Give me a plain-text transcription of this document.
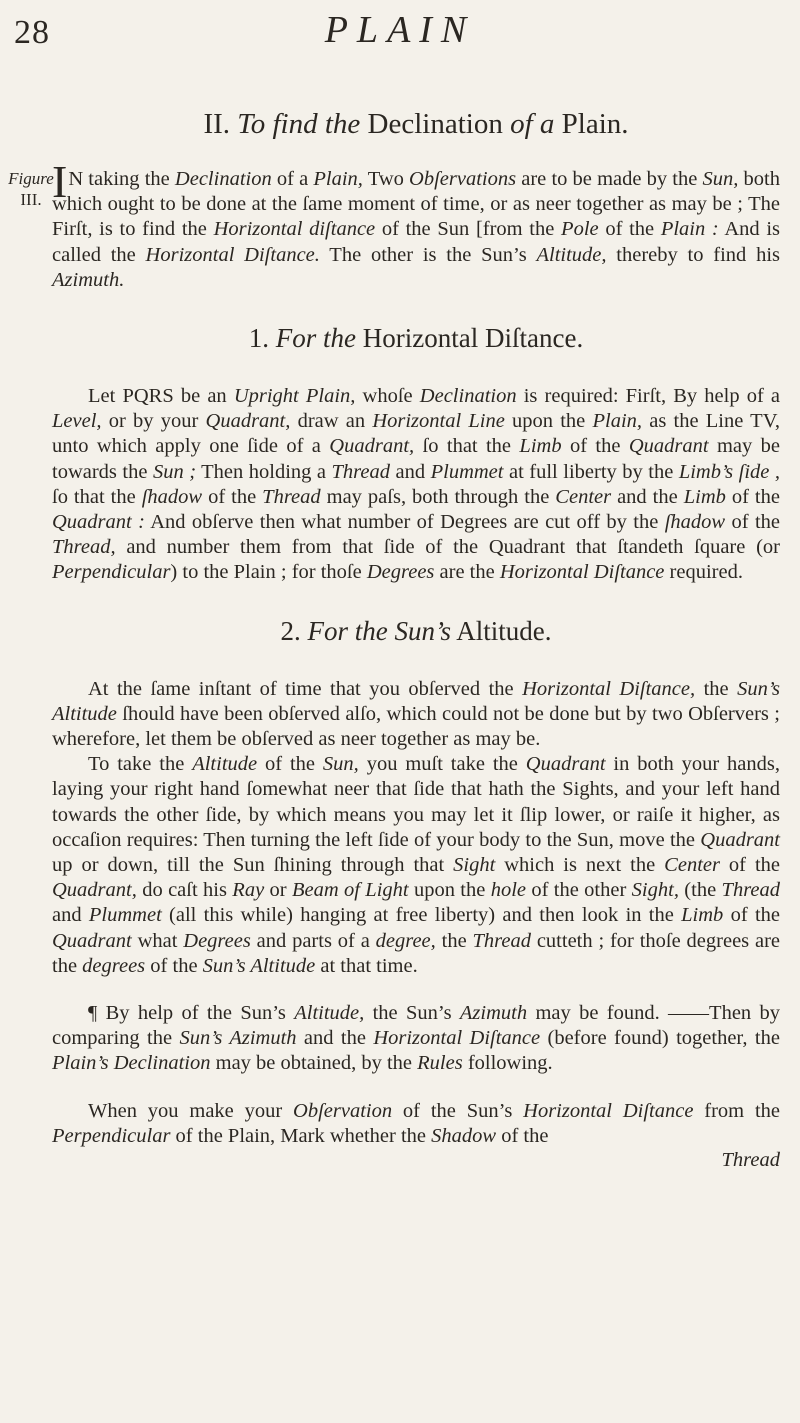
28	PLAIN
Figure
III.
II. To find the Declination of a Plain.

IN taking the Declination of a Plain, Two Obſervations are to be made by the Sun, both which ought to be done at the ſame moment of time, or as neer together as may be ; The Firſt, is to find the Horizontal diſtance of the Sun [from the Pole of the Plain : And is called the Horizontal Diſtance. The other is the Sun’s Altitude, thereby to find his Azimuth.

1. For the Horizontal Diſtance.

Let PQRS be an Upright Plain, whoſe Declination is required: Firſt, By help of a Level, or by your Quadrant, draw an Horizontal Line upon the Plain, as the Line TV, unto which apply one ſide of a Quadrant, ſo that the Limb of the Quadrant may be towards the Sun ; Then holding a Thread and Plummet at full liberty by the Limb’s ſide , ſo that the ſhadow of the Thread may paſs, both through the Center and the Limb of the Quadrant : And obſerve then what number of Degrees are cut off by the ſhadow of the Thread, and number them from that ſide of the Quadrant that ſtandeth ſquare (or Perpendicular) to the Plain ; for thoſe Degrees are the Horizontal Diſtance required.

2. For the Sun’s Altitude.

At the ſame inſtant of time that you obſerved the Horizontal Diſtance, the Sun’s Altitude ſhould have been obſerved alſo, which could not be done but by two Obſervers ; wherefore, let them be obſerved as neer together as may be.

To take the Altitude of the Sun, you muſt take the Quadrant in both your hands, laying your right hand ſomewhat neer that ſide that hath the Sights, and your left hand towards the other ſide, by which means you may let it ſlip lower, or raiſe it higher, as occaſion requires: Then turning the left ſide of your body to the Sun, move the Quadrant up or down, till the Sun ſhining through that Sight which is next the Center of the Quadrant, do caſt his Ray or Beam of Light upon the hole of the other Sight, (the Thread and Plummet (all this while) hanging at free liberty) and then look in the Limb of the Quadrant what Degrees and parts of a degree, the Thread cutteth ; for thoſe degrees are the degrees of the Sun’s Altitude at that time.

¶ By help of the Sun’s Altitude, the Sun’s Azimuth may be found. ——Then by comparing the Sun’s Azimuth and the Horizontal Diſtance (before found) together, the Plain’s Declination may be obtained, by the Rules following.

When you make your Obſervation of the Sun’s Horizontal Diſtance from the Perpendicular of the Plain, Mark whether the Shadow of the

Thread
